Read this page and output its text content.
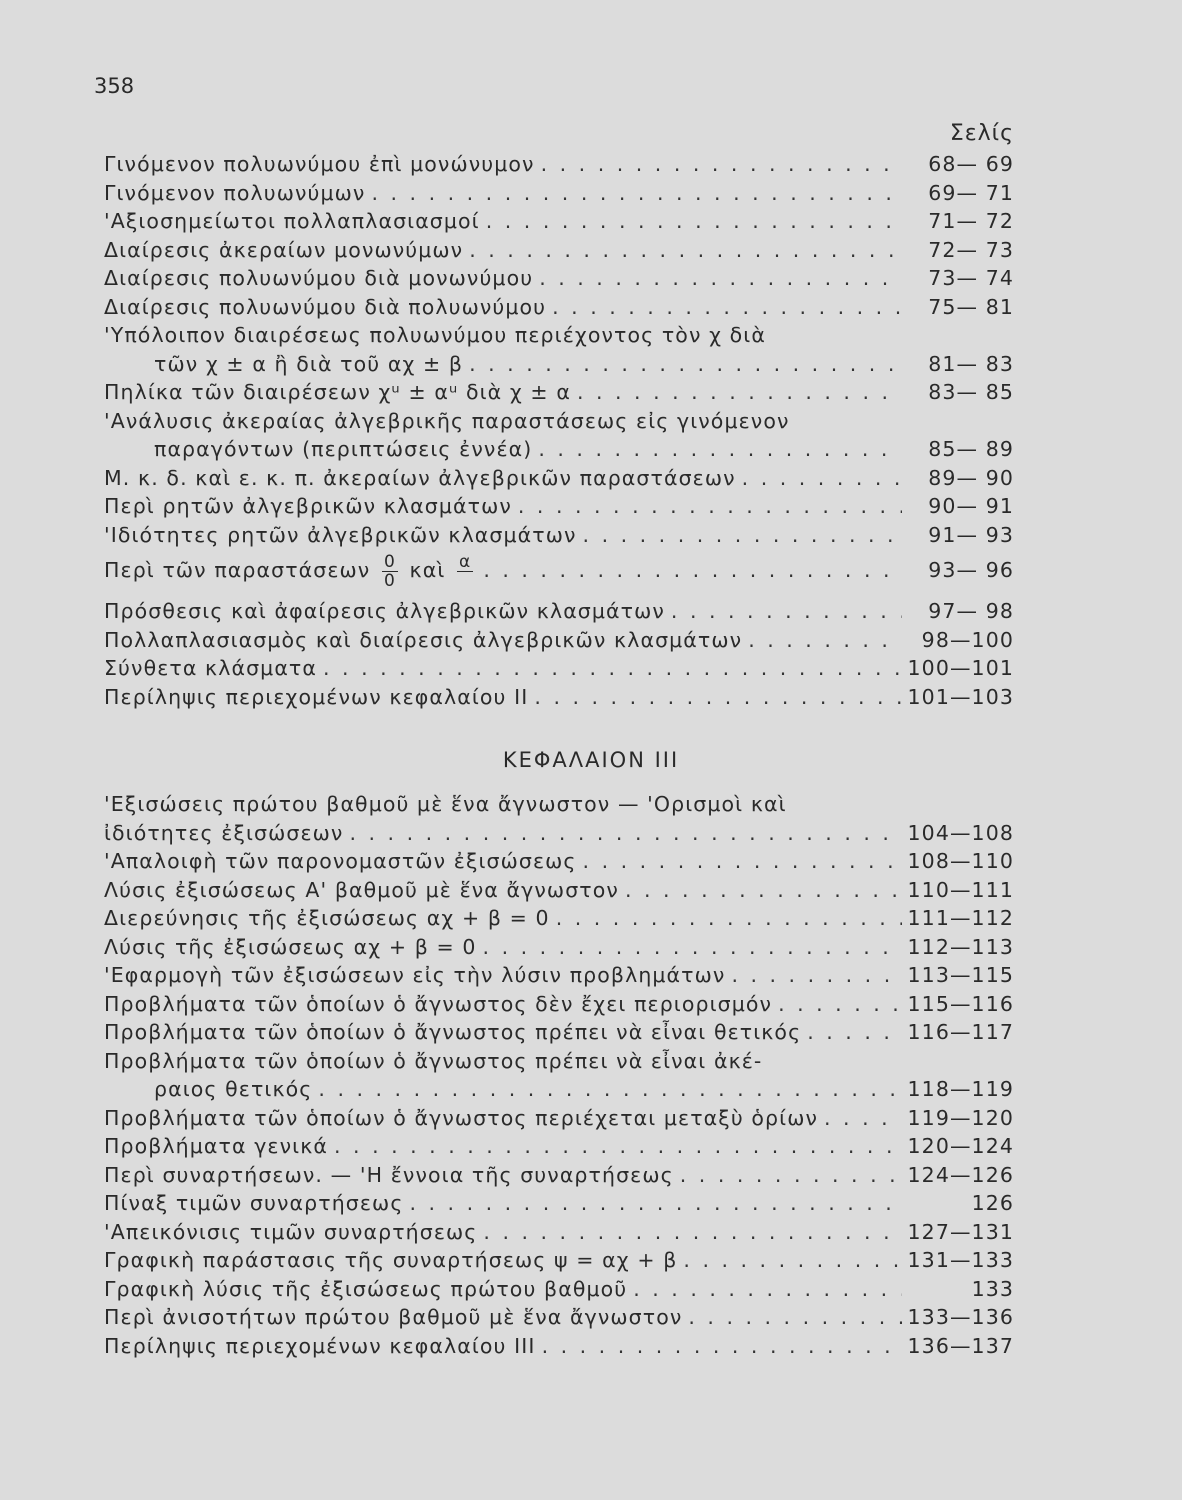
358
Σελίς
Γινόμενον πολυωνύμου ἐπὶ μονώνυμον . . .	68— 69
Γινόμενον πολυωνύμων . . .	69— 71
'Αξιοσημείωτοι πολλαπλασιασμοί . . .	71— 72
Διαίρεσις ἀκεραίων μονωνύμων . . .	72— 73
Διαίρεσις πολυωνύμου διὰ μονωνύμου . . .	73— 74
Διαίρεσις πολυωνύμου διὰ πολυωνύμου . . .	75— 81
'Υπόλοιπον διαιρέσεως πολυωνύμου περιέχοντος τὸν χ διὰ
τῶν χ ± α ἢ διὰ τοῦ αχ ± β . . .	81— 83
Πηλίκα τῶν διαιρέσεων χᵘ ± αᵘ διὰ χ ± α . . .	83— 85
'Ανάλυσις ἀκεραίας ἀλγεβρικῆς παραστάσεως εἰς γινόμενον
παραγόντων (περιπτώσεις ἐννέα) . . .	85— 89
Μ. κ. δ. καὶ ε. κ. π. ἀκεραίων ἀλγεβρικῶν παραστάσεων . . .	89— 90
Περὶ ρητῶν ἀλγεβρικῶν κλασμάτων . . .	90— 91
'Ιδιότητες ρητῶν ἀλγεβρικῶν κλασμάτων . . .	91— 93
Περὶ τῶν παραστάσεων $\frac{0}{0}$ καὶ α
. . .	93— 96
Πρόσθεσις καὶ ἀφαίρεσις ἀλγεβρικῶν κλασμάτων . . .	97— 98
Πολλαπλασιασμὸς καὶ διαίρεσις ἀλγεβρικῶν κλασμάτων . . .	98—100
Σύνθετα κλάσματα . . .	100—101
Περίληψις περιεχομένων κεφαλαίου II . . .	101—103
ΚΕΦΑΛΑΙΟΝ III
'Εξισώσεις πρώτου βαθμοῦ μὲ ἕνα ἄγνωστον — 'Ορισμοὶ καὶ
ἰδιότητες ἐξισώσεων . . .	104—108
'Απαλοιφὴ τῶν παρονομαστῶν ἐξισώσεως . . .	108—110
Λύσις ἐξισώσεως Α' βαθμοῦ μὲ ἕνα ἄγνωστον . . .	110—111
Διερεύνησις τῆς ἐξισώσεως αχ + β = 0 . . .	111—112
Λύσις τῆς ἐξισώσεως αχ + β = 0 . . .	112—113
'Εφαρμογὴ τῶν ἐξισώσεων εἰς τὴν λύσιν προβλημάτων . . .	113—115
Προβλήματα τῶν ὁποίων ὁ ἄγνωστος δὲν ἔχει περιορισμόν . . .	115—116
Προβλήματα τῶν ὁποίων ὁ ἄγνωστος πρέπει νὰ εἶναι θετικός . . .	116—117
Προβλήματα τῶν ὁποίων ὁ ἄγνωστος πρέπει νὰ εἶναι ἀκέ-
ραιος θετικός . . .	118—119
Προβλήματα τῶν ὁποίων ὁ ἄγνωστος περιέχεται μεταξὺ ὁρίων . . .	119—120
Προβλήματα γενικά . . .	120—124
Περὶ συναρτήσεων. — 'Η ἔννοια τῆς συναρτήσεως . . .	124—126
Πίναξ τιμῶν συναρτήσεως . . .	126
'Απεικόνισις τιμῶν συναρτήσεως . . .	127—131
Γραφικὴ παράστασις τῆς συναρτήσεως ψ = αχ + β . . .	131—133
Γραφικὴ λύσις τῆς ἐξισώσεως πρώτου βαθμοῦ . . .	133
Περὶ ἀνισοτήτων πρώτου βαθμοῦ μὲ ἕνα ἄγνωστον . . .	133—136
Περίληψις περιεχομένων κεφαλαίου III . . .	136—137
